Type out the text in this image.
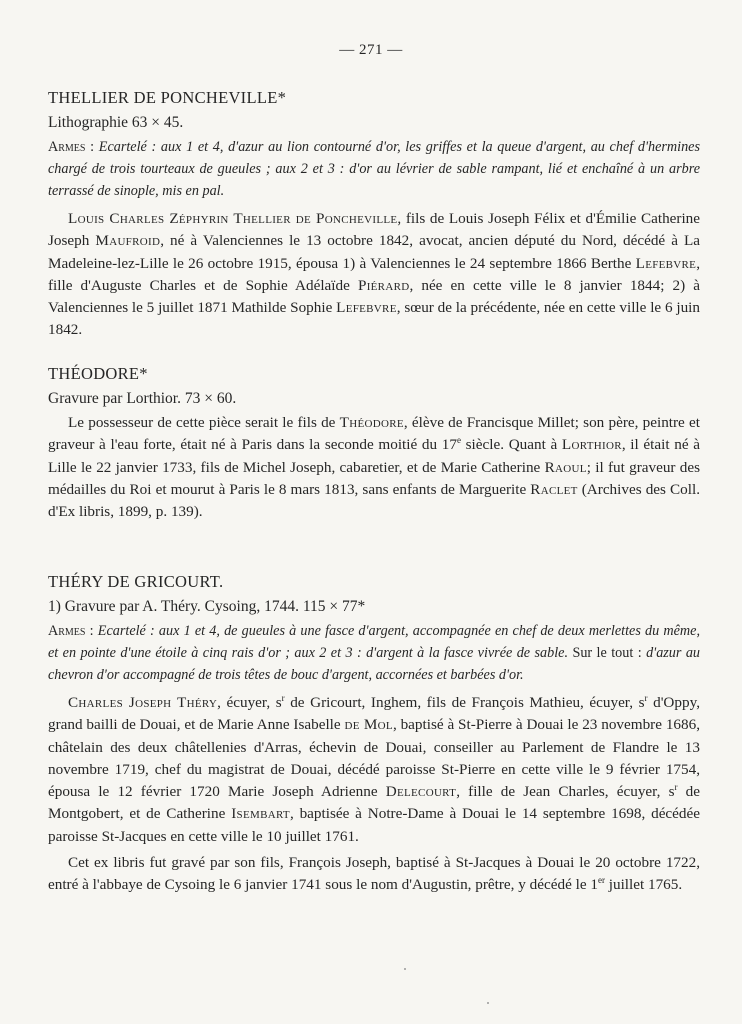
— 271 —
THELLIER DE PONCHEVILLE*
Lithographie 63 × 45.
Armes : Ecartelé : aux 1 et 4, d'azur au lion contourné d'or, les griffes et la queue d'argent, au chef d'hermines chargé de trois tourteaux de gueules ; aux 2 et 3 : d'or au lévrier de sable rampant, lié et enchaîné à un arbre terrassé de sinople, mis en pal.
Louis Charles Zéphyrin Thellier de Poncheville, fils de Louis Joseph Félix et d'Émilie Catherine Joseph Maufroid, né à Valenciennes le 13 octobre 1842, avocat, ancien député du Nord, décédé à La Madeleine-lez-Lille le 26 octobre 1915, épousa 1) à Valenciennes le 24 septembre 1866 Berthe Lefebvre, fille d'Auguste Charles et de Sophie Adélaïde Piérard, née en cette ville le 8 janvier 1844; 2) à Valenciennes le 5 juillet 1871 Mathilde Sophie Lefebvre, sœur de la précédente, née en cette ville le 6 juin 1842.
THÉODORE*
Gravure par Lorthior. 73 × 60.
Le possesseur de cette pièce serait le fils de Théodore, élève de Francisque Millet; son père, peintre et graveur à l'eau forte, était né à Paris dans la seconde moitié du 17e siècle. Quant à Lorthior, il était né à Lille le 22 janvier 1733, fils de Michel Joseph, cabaretier, et de Marie Catherine Raoul; il fut graveur des médailles du Roi et mourut à Paris le 8 mars 1813, sans enfants de Marguerite Raclet (Archives des Coll. d'Ex libris, 1899, p. 139).
THÉRY DE GRICOURT.
1) Gravure par A. Théry. Cysoing, 1744. 115 × 77*
Armes : Ecartelé : aux 1 et 4, de gueules à une fasce d'argent, accompagnée en chef de deux merlettes du même, et en pointe d'une étoile à cinq rais d'or ; aux 2 et 3 : d'argent à la fasce vivrée de sable. Sur le tout : d'azur au chevron d'or accompagné de trois têtes de bouc d'argent, accornées et barbées d'or.
Charles Joseph Théry, écuyer, $s^r$ de Gricourt, Inghem, fils de François Mathieu, écuyer, $s^r$ d'Oppy, grand bailli de Douai, et de Marie Anne Isabelle de Mol, baptisé à St-Pierre à Douai le 23 novembre 1686, châtelain des deux châtellenies d'Arras, échevin de Douai, conseiller au Parlement de Flandre le 13 novembre 1719, chef du magistrat de Douai, décédé paroisse St-Pierre en cette ville le 9 février 1754, épousa le 12 février 1720 Marie Joseph Adrienne Delecourt, fille de Jean Charles, écuyer, $s^r$ de Montgobert, et de Catherine Isembart, baptisée à Notre-Dame à Douai le 14 septembre 1698, décédée paroisse St-Jacques en cette ville le 10 juillet 1761.
Cet ex libris fut gravé par son fils, François Joseph, baptisé à St-Jacques à Douai le 20 octobre 1722, entré à l'abbaye de Cysoing le 6 janvier 1741 sous le nom d'Augustin, prêtre, y décédé le 1er juillet 1765.
